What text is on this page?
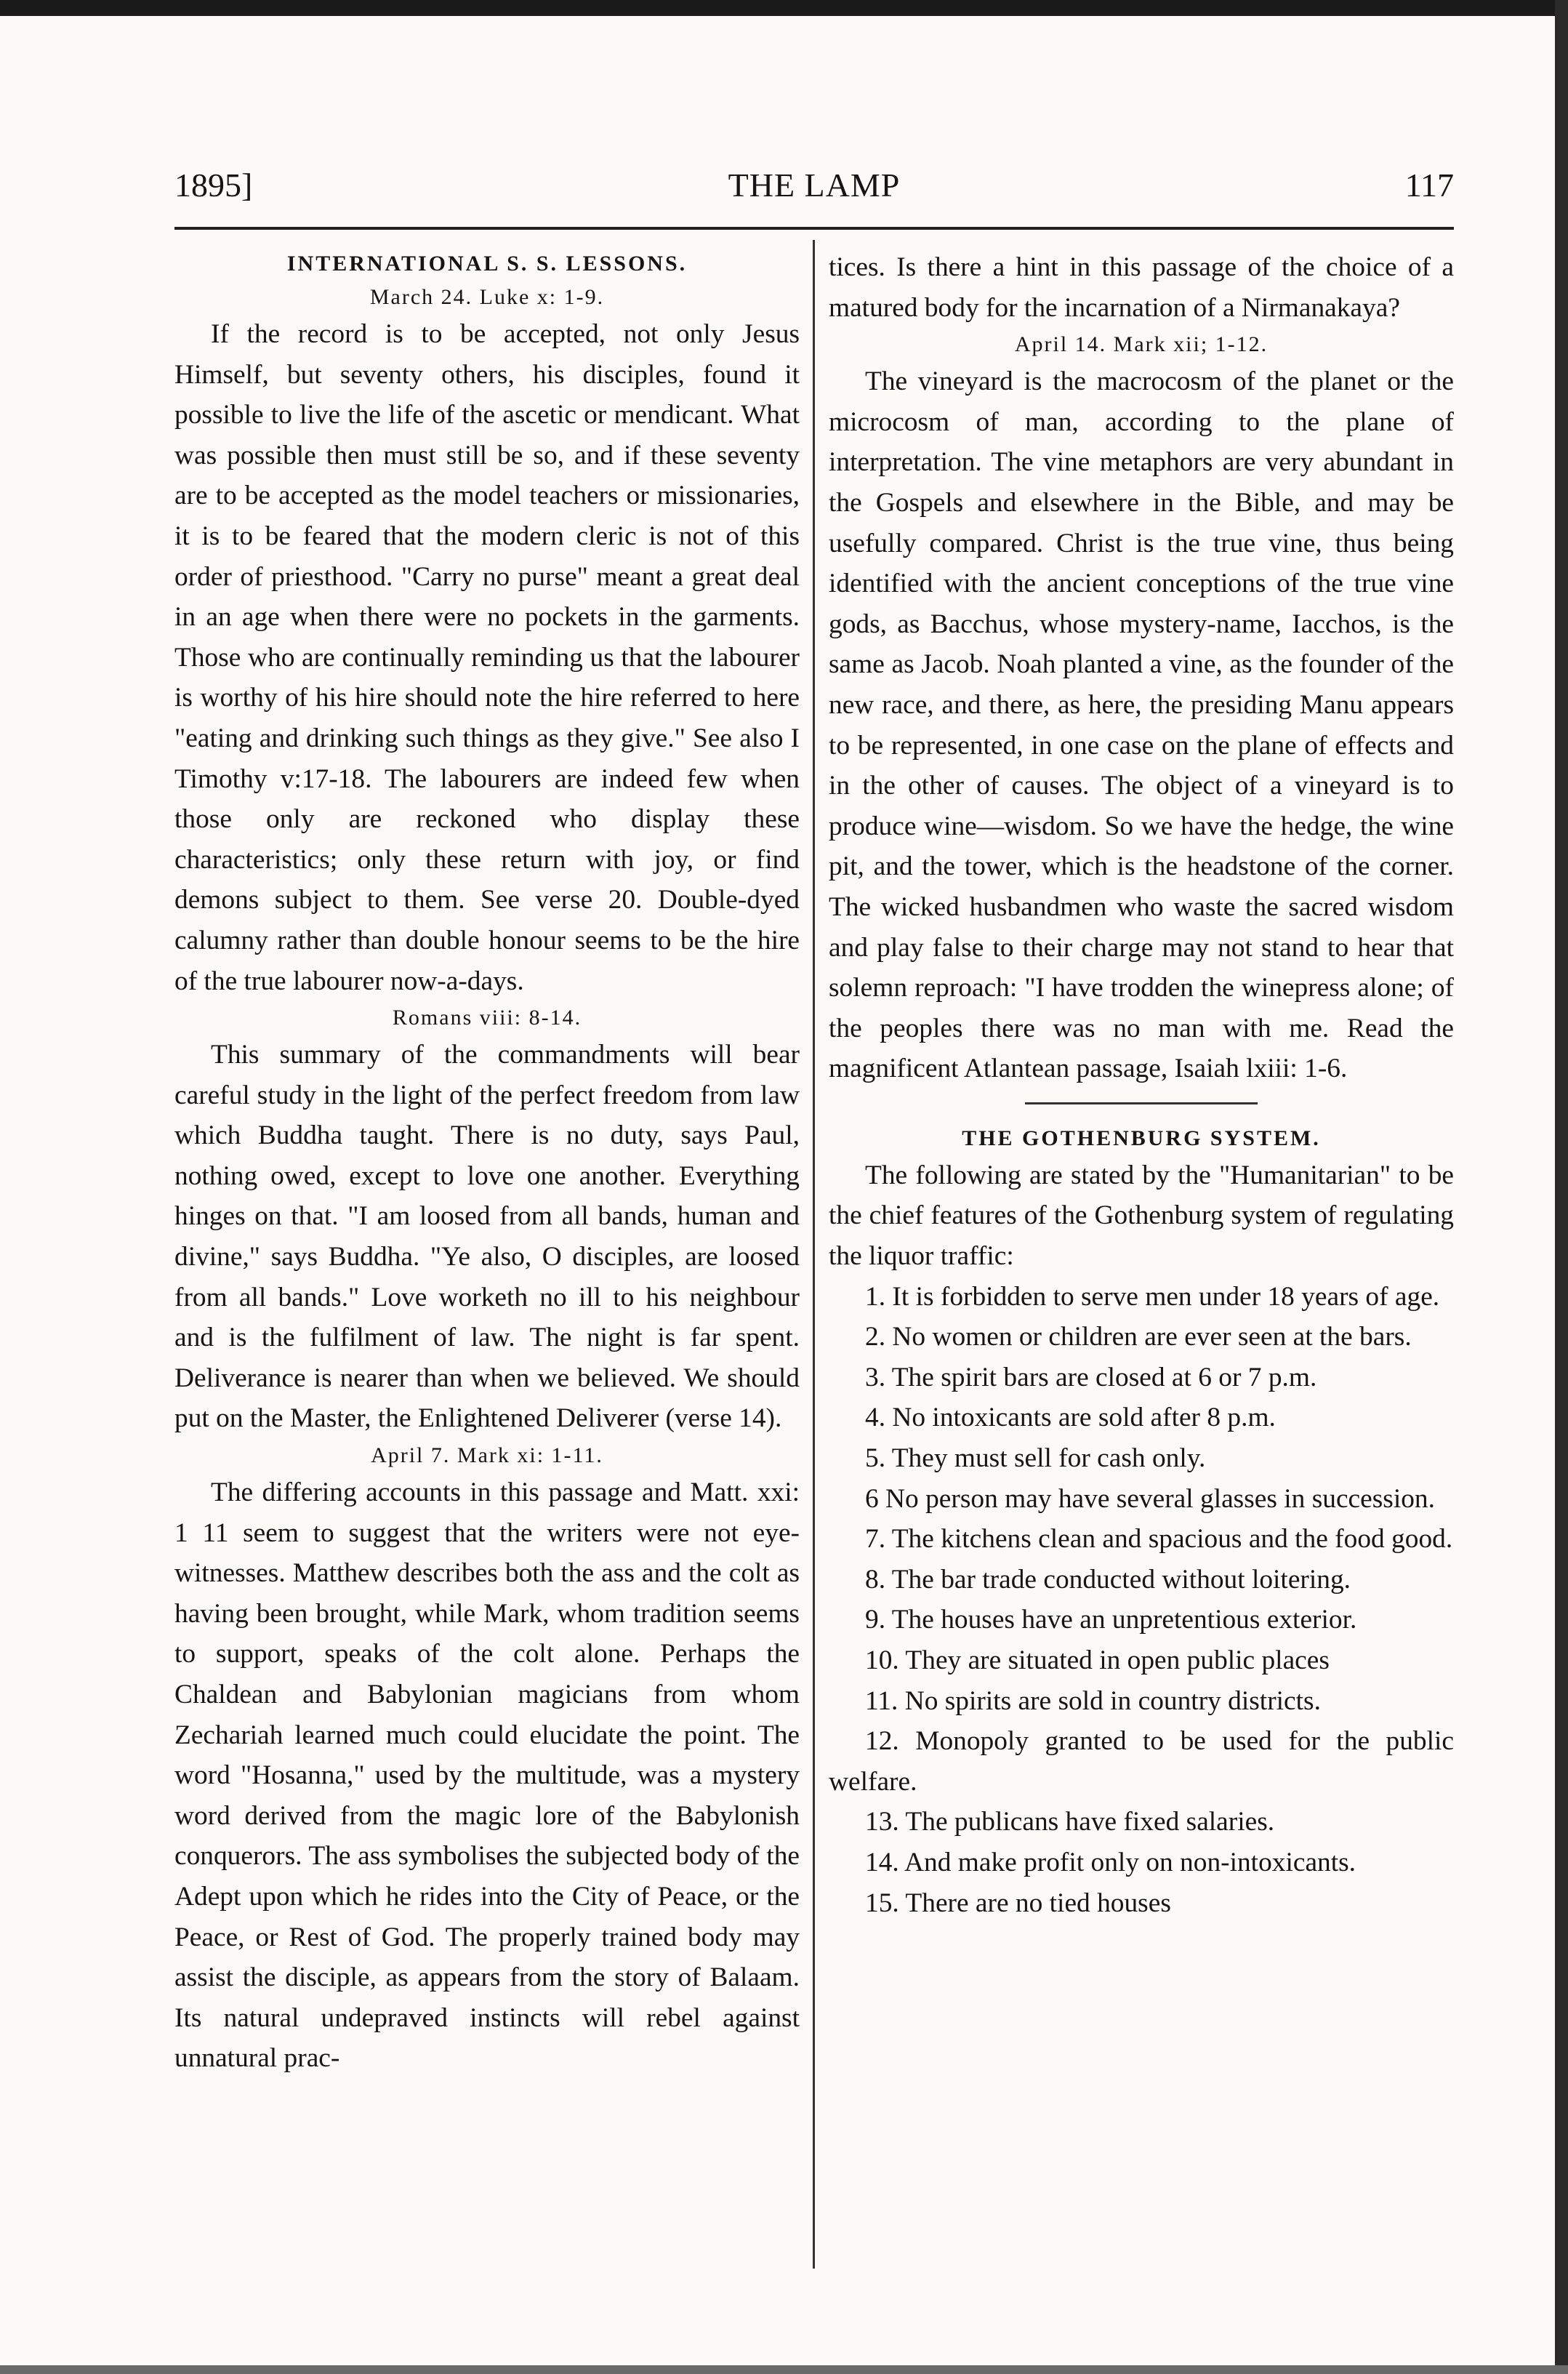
1895]	THE LAMP	117
INTERNATIONAL S. S. LESSONS.
March 24. Luke x: 1-9.

If the record is to be accepted, not only Jesus Himself, but seventy others, his disciples, found it possible to live the life of the ascetic or mendicant. What was possible then must still be so, and if these seventy are to be accepted as the model teachers or missionaries, it is to be feared that the modern cleric is not of this order of priesthood. "Carry no purse" meant a great deal in an age when there were no pockets in the garments. Those who are continually reminding us that the labourer is worthy of his hire should note the hire referred to here "eating and drinking such things as they give." See also I Timothy v:17-18. The labourers are indeed few when those only are reckoned who display these characteristics; only these return with joy, or find demons subject to them. See verse 20. Double-dyed calumny rather than double honour seems to be the hire of the true labourer now-a-days.

Romans viii: 8-14.

This summary of the commandments will bear careful study in the light of the perfect freedom from law which Buddha taught. There is no duty, says Paul, nothing owed, except to love one another. Everything hinges on that. "I am loosed from all bands, human and divine," says Buddha. "Ye also, O disciples, are loosed from all bands." Love worketh no ill to his neighbour and is the fulfilment of law. The night is far spent. Deliverance is nearer than when we believed. We should put on the Master, the Enlightened Deliverer (verse 14).

April 7. Mark xi: 1-11.

The differing accounts in this passage and Matt. xxi: 1 11 seem to suggest that the writers were not eye-witnesses. Matthew describes both the ass and the colt as having been brought, while Mark, whom tradition seems to support, speaks of the colt alone. Perhaps the Chaldean and Babylonian magicians from whom Zechariah learned much could elucidate the point. The word "Hosanna," used by the multitude, was a mystery word derived from the magic lore of the Babylonish conquerors. The ass symbolises the subjected body of the Adept upon which he rides into the City of Peace, or the Peace, or Rest of God. The properly trained body may assist the disciple, as appears from the story of Balaam. Its natural undepraved instincts will rebel against unnatural prac-

tices. Is there a hint in this passage of the choice of a matured body for the incarnation of a Nirmanakaya?

April 14. Mark xii; 1-12.

The vineyard is the macrocosm of the planet or the microcosm of man, according to the plane of interpretation. The vine metaphors are very abundant in the Gospels and elsewhere in the Bible, and may be usefully compared. Christ is the true vine, thus being identified with the ancient conceptions of the true vine gods, as Bacchus, whose mystery-name, Iacchos, is the same as Jacob. Noah planted a vine, as the founder of the new race, and there, as here, the presiding Manu appears to be represented, in one case on the plane of effects and in the other of causes. The object of a vineyard is to produce wine—wisdom. So we have the hedge, the wine pit, and the tower, which is the headstone of the corner. The wicked husbandmen who waste the sacred wisdom and play false to their charge may not stand to hear that solemn reproach: "I have trodden the winepress alone; of the peoples there was no man with me. Read the magnificent Atlantean passage, Isaiah lxiii: 1-6.

THE GOTHENBURG SYSTEM.

The following are stated by the "Humanitarian" to be the chief features of the Gothenburg system of regulating the liquor traffic:

1. It is forbidden to serve men under 18 years of age.

2. No women or children are ever seen at the bars.

3. The spirit bars are closed at 6 or 7 p.m.

4. No intoxicants are sold after 8 p.m.

5. They must sell for cash only.

6 No person may have several glasses in succession.

7. The kitchens clean and spacious and the food good.

8. The bar trade conducted without loitering.

9. The houses have an unpretentious exterior.

10. They are situated in open public places

11. No spirits are sold in country districts.

12. Monopoly granted to be used for the public welfare.

13. The publicans have fixed salaries.

14. And make profit only on non-intoxicants.

15. There are no tied houses
